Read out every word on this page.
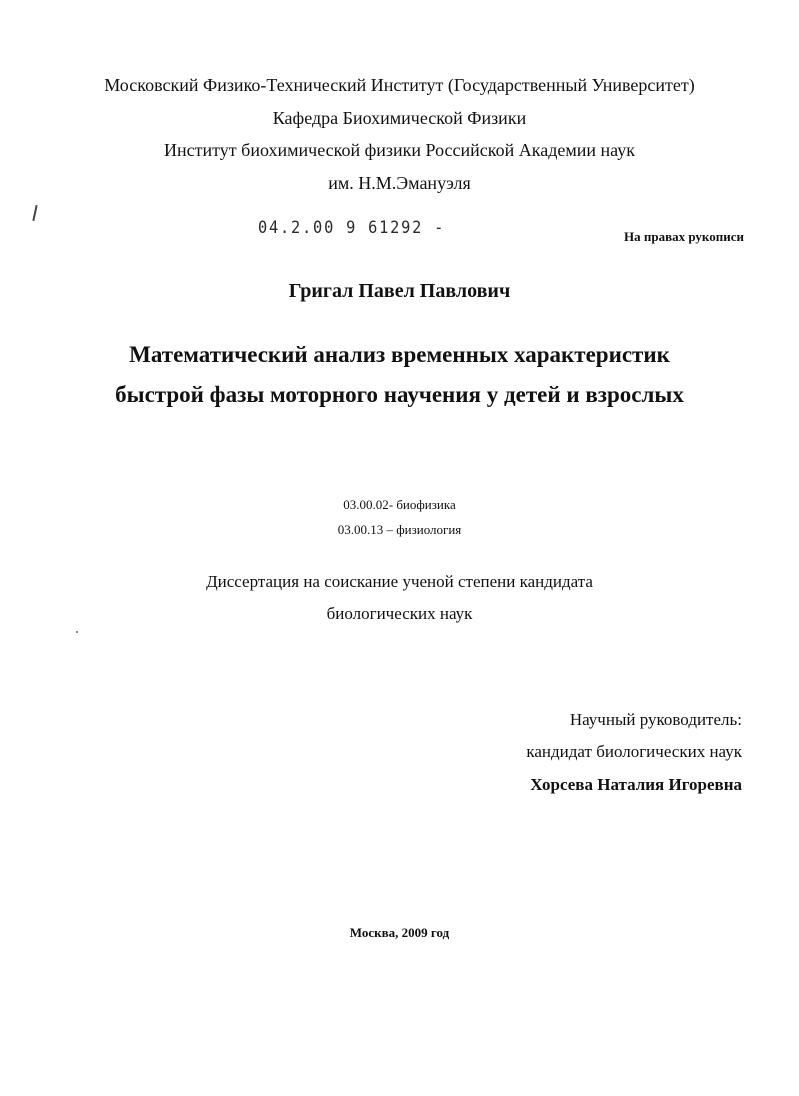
Московский Физико-Технический Институт (Государственный Университет)
Кафедра Биохимической Физики
Институт биохимической физики Российской Академии наук
им. Н.М.Эмануэля
04.2.00 9 61292 -	На правах рукописи
Григал Павел Павлович
Математический анализ временных характеристик
быстрой фазы моторного научения у детей и взрослых
03.00.02- биофизика
03.00.13 – физиология
Диссертация на соискание ученой степени кандидата
биологических наук
Научный руководитель:
кандидат биологических наук
Хорсева Наталия Игоревна
Москва, 2009 год
